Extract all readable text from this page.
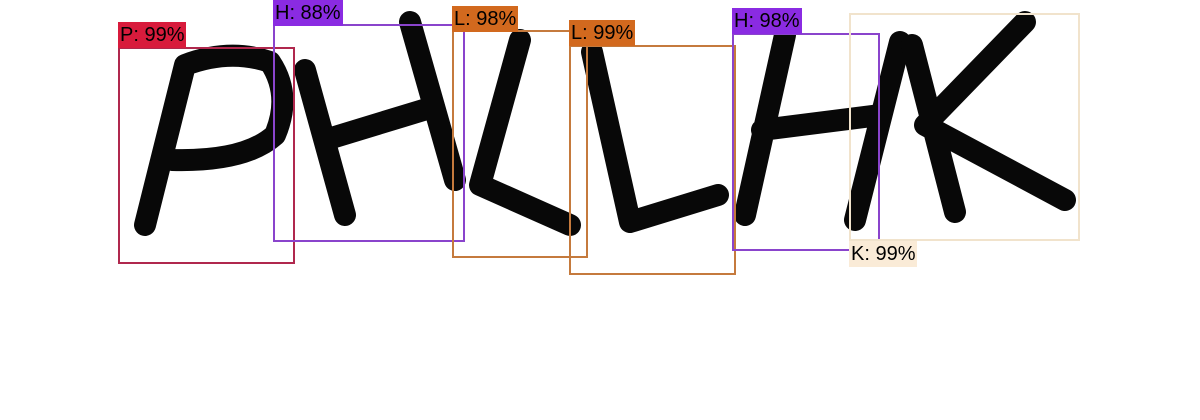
P: 99%
H: 88%	L: 98%
L: 99%
H: 98%
K: 99%
